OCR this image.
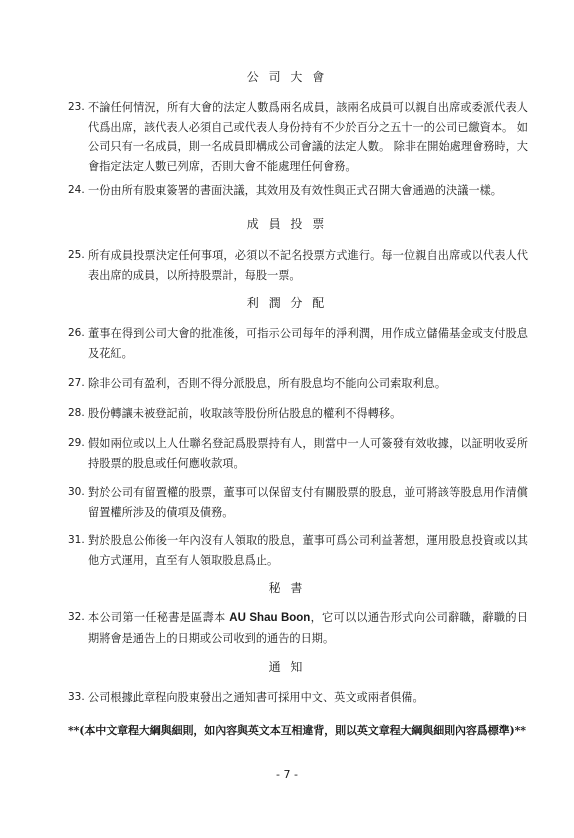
公 司 大 會
23. 不論任何情況，所有大會的法定人數爲兩名成員，該兩名成員可以親自出席或委派代表人代爲出席，該代表人必須自己或代表人身份持有不少於百分之五十一的公司已繳資本。 如公司只有一名成員，則一名成員即構成公司會議的法定人數。 除非在開始處理會務時，大會指定法定人數已列席，否則大會不能處理任何會務。
24. 一份由所有股東簽署的書面決議，其效用及有效性與正式召開大會通過的決議一樣。
成 員 投 票
25. 所有成員投票決定任何事項，必須以不記名投票方式進行。每一位親自出席或以代表人代表出席的成員，以所持股票計，每股一票。
利 潤 分 配
26. 董事在得到公司大會的批准後，可指示公司每年的淨利潤，用作成立儲備基金或支付股息及花紅。
27. 除非公司有盈利，否則不得分派股息，所有股息均不能向公司索取利息。
28. 股份轉讓未被登記前，收取該等股份所佔股息的權利不得轉移。
29. 假如兩位或以上人仕聯名登記爲股票持有人，則當中一人可簽發有效收據，以証明收妥所持股票的股息或任何應收款項。
30. 對於公司有留置權的股票，董事可以保留支付有關股票的股息，並可將該等股息用作清償留置權所涉及的債項及債務。
31. 對於股息公佈後一年內沒有人領取的股息，董事可爲公司利益著想，運用股息投資或以其他方式運用，直至有人領取股息爲止。
秘 書
32. 本公司第一任秘書是區壽本 AU Shau Boon，它可以以通告形式向公司辭職，辭職的日期將會是通告上的日期或公司收到的通告的日期。
通 知
33. 公司根據此章程向股東發出之通知書可採用中文、英文或兩者俱備。
**(本中文章程大綱與細則，如內容與英文本互相違背，則以英文章程大綱與細則內容爲標準)**
- 7 -
